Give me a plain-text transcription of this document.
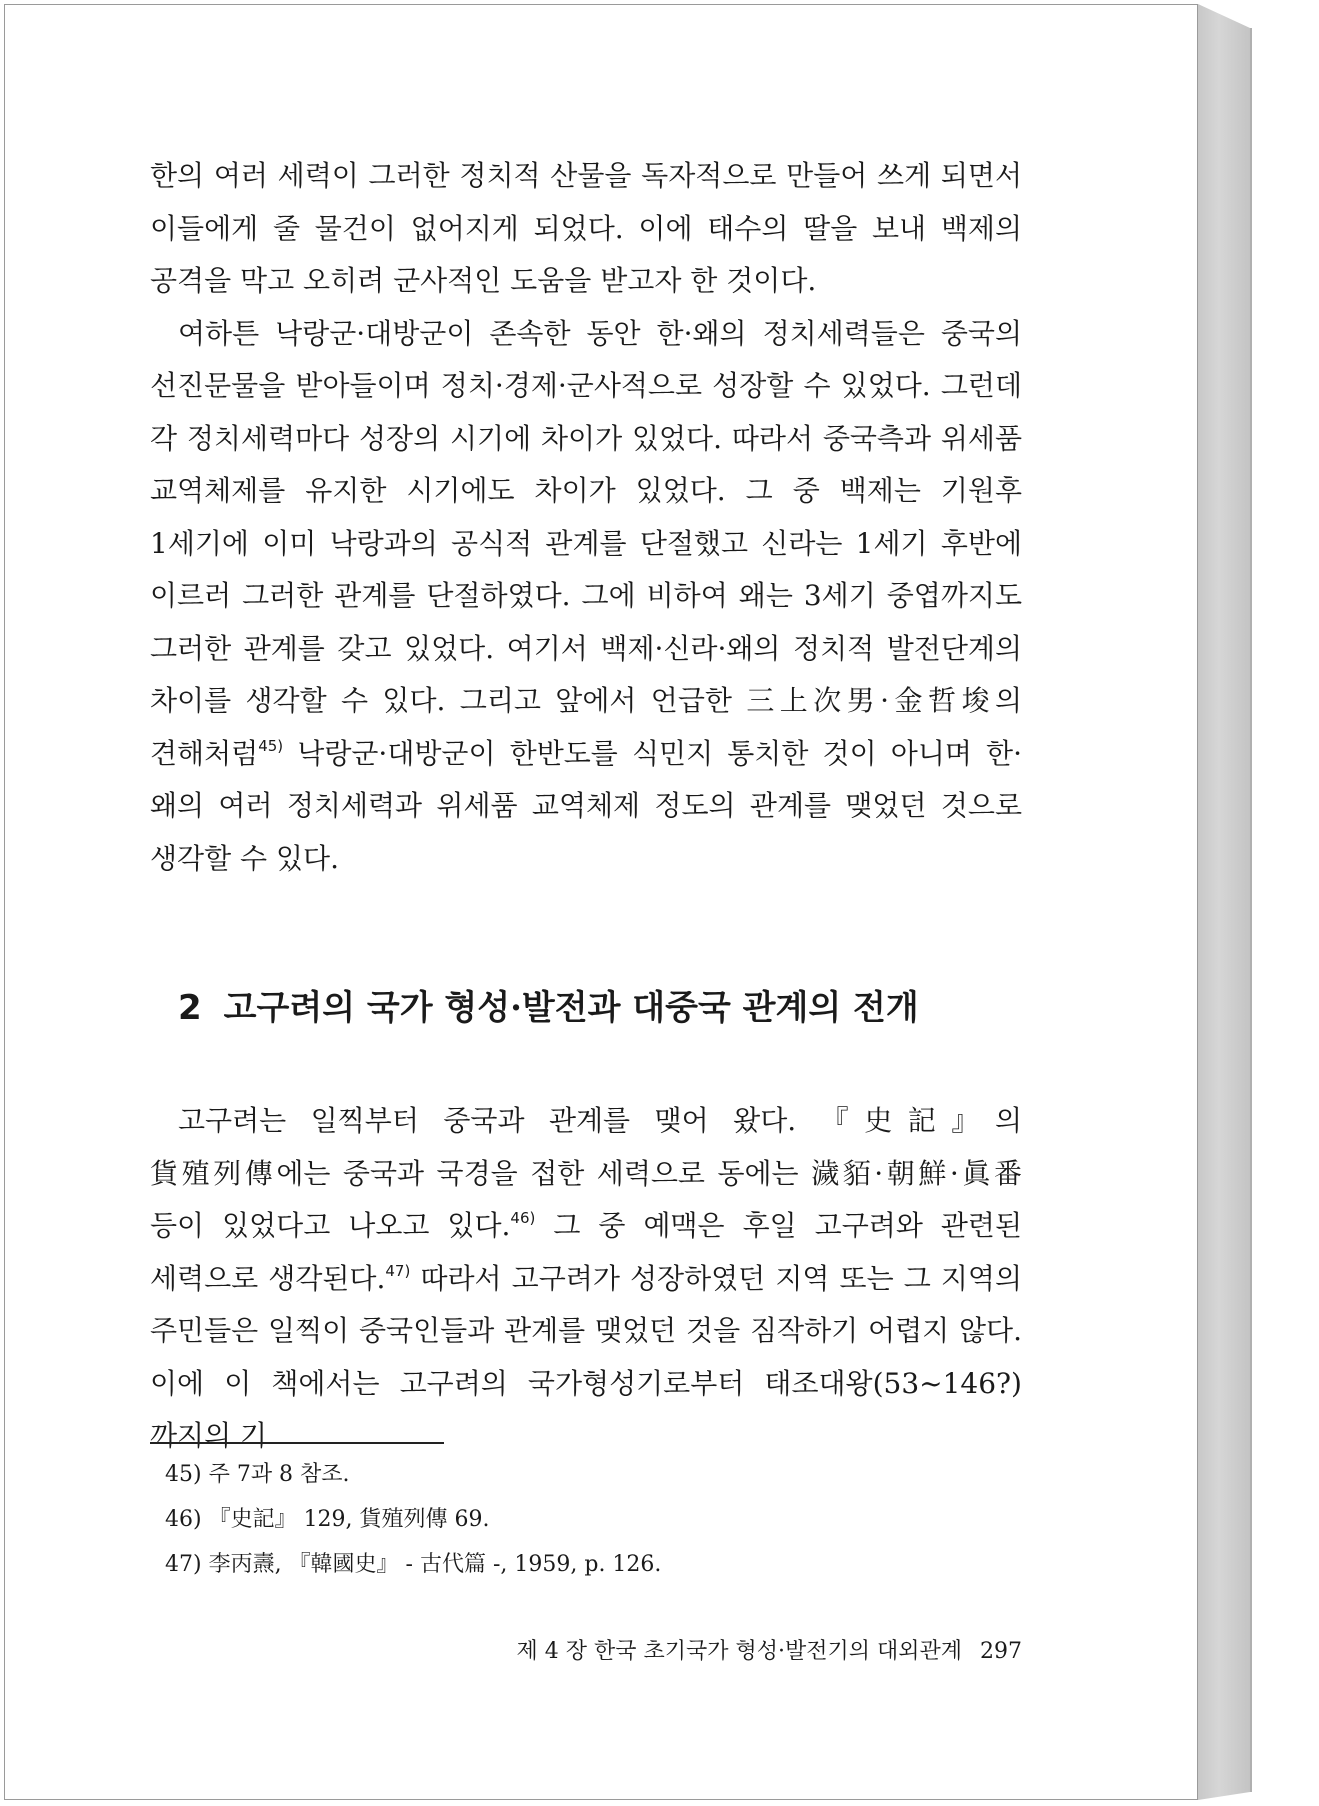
한의 여러 세력이 그러한 정치적 산물을 독자적으로 만들어 쓰게 되면서 이들에게 줄 물건이 없어지게 되었다. 이에 태수의 딸을 보내 백제의 공격을 막고 오히려 군사적인 도움을 받고자 한 것이다.

여하튼 낙랑군·대방군이 존속한 동안 한·왜의 정치세력들은 중국의 선진문물을 받아들이며 정치·경제·군사적으로 성장할 수 있었다. 그런데 각 정치세력마다 성장의 시기에 차이가 있었다. 따라서 중국측과 위세품 교역체제를 유지한 시기에도 차이가 있었다. 그 중 백제는 기원후 1세기에 이미 낙랑과의 공식적 관계를 단절했고 신라는 1세기 후반에 이르러 그러한 관계를 단절하였다. 그에 비하여 왜는 3세기 중엽까지도 그러한 관계를 갖고 있었다. 여기서 백제·신라·왜의 정치적 발전단계의 차이를 생각할 수 있다. 그리고 앞에서 언급한 三上次男·金哲埈의 견해처럼$^{45)}$ 낙랑군·대방군이 한반도를 식민지 통치한 것이 아니며 한·왜의 여러 정치세력과 위세품 교역체제 정도의 관계를 맺었던 것으로 생각할 수 있다.

2 고구려의 국가 형성·발전과 대중국 관계의 전개

고구려는 일찍부터 중국과 관계를 맺어 왔다. 『史記』의 貨殖列傳에는 중국과 국경을 접한 세력으로 동에는 濊貊·朝鮮·眞番 등이 있었다고 나오고 있다.$^{46)}$ 그 중 예맥은 후일 고구려와 관련된 세력으로 생각된다.$^{47)}$ 따라서 고구려가 성장하였던 지역 또는 그 지역의 주민들은 일찍이 중국인들과 관계를 맺었던 것을 짐작하기 어렵지 않다. 이에 이 책에서는 고구려의 국가형성기로부터 태조대왕(53~146?)까지의 기

45) 주 7과 8 참조.

46) 『史記』 129, 貨殖列傳 69.

47) 李丙燾, 『韓國史』 - 古代篇 -, 1959, p. 126.

제 4 장 한국 초기국가 형성·발전기의 대외관계 297
